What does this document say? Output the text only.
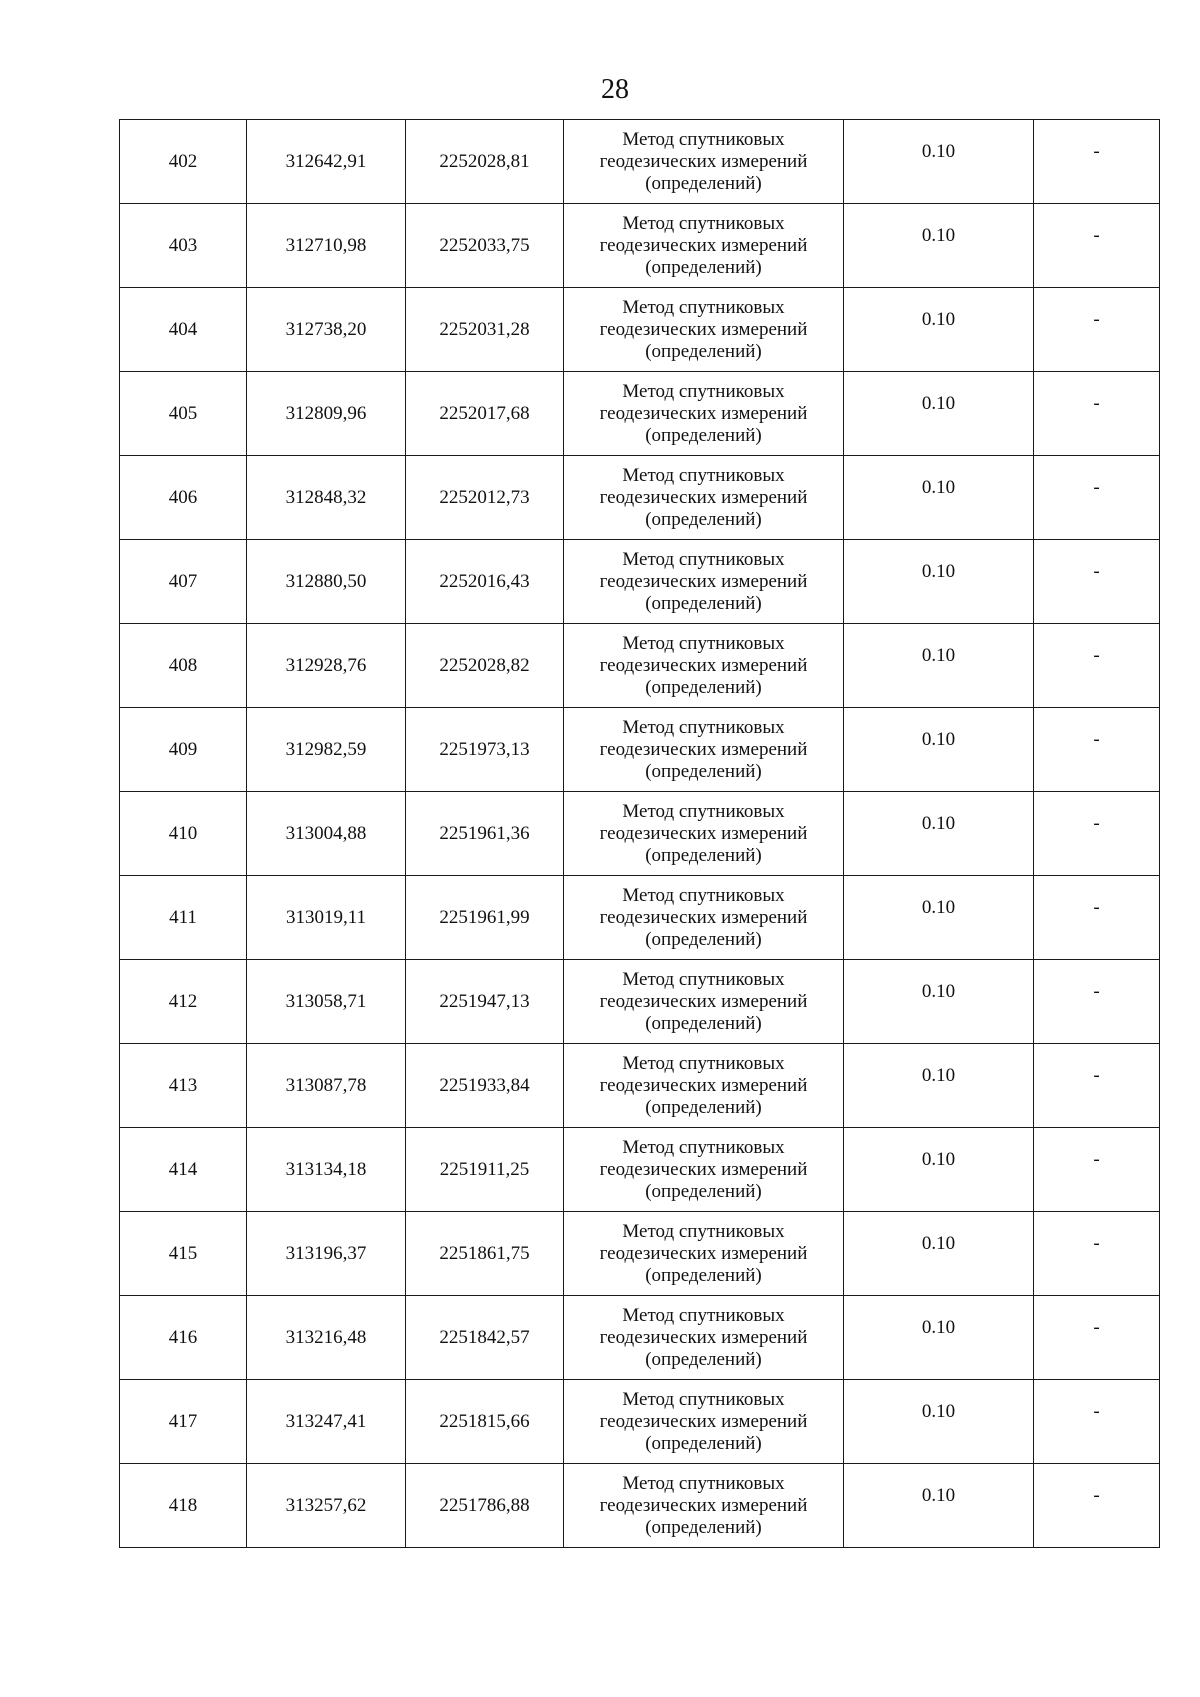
28
402	312642,91	2252028,81	Метод спутниковых
геодезических измерений
(определений)	0.10	-
403	312710,98	2252033,75	Метод спутниковых
геодезических измерений
(определений)	0.10	-
404	312738,20	2252031,28	Метод спутниковых
геодезических измерений
(определений)	0.10	-
405	312809,96	2252017,68	Метод спутниковых
геодезических измерений
(определений)	0.10	-
406	312848,32	2252012,73	Метод спутниковых
геодезических измерений
(определений)	0.10	-
407	312880,50	2252016,43	Метод спутниковых
геодезических измерений
(определений)	0.10	-
408	312928,76	2252028,82	Метод спутниковых
геодезических измерений
(определений)	0.10	-
409	312982,59	2251973,13	Метод спутниковых
геодезических измерений
(определений)	0.10	-
410	313004,88	2251961,36	Метод спутниковых
геодезических измерений
(определений)	0.10	-
411	313019,11	2251961,99	Метод спутниковых
геодезических измерений
(определений)	0.10	-
412	313058,71	2251947,13	Метод спутниковых
геодезических измерений
(определений)	0.10	-
413	313087,78	2251933,84	Метод спутниковых
геодезических измерений
(определений)	0.10	-
414	313134,18	2251911,25	Метод спутниковых
геодезических измерений
(определений)	0.10	-
415	313196,37	2251861,75	Метод спутниковых
геодезических измерений
(определений)	0.10	-
416	313216,48	2251842,57	Метод спутниковых
геодезических измерений
(определений)	0.10	-
417	313247,41	2251815,66	Метод спутниковых
геодезических измерений
(определений)	0.10	-
418	313257,62	2251786,88	Метод спутниковых
геодезических измерений
(определений)	0.10	-
